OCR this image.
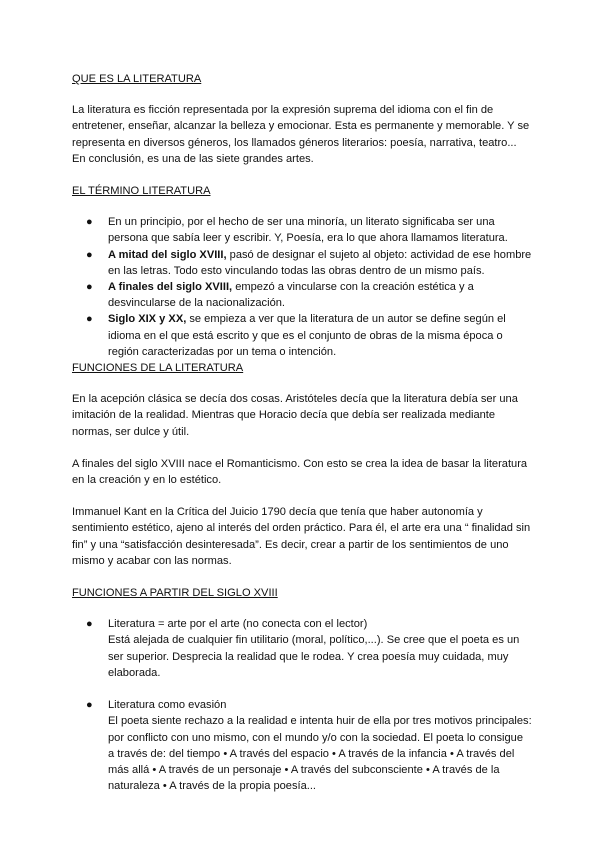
QUE ES LA LITERATURA

La literatura es ficción representada por la expresión suprema del idioma con el fin de entretener, enseñar, alcanzar la belleza y emocionar. Esta es permanente y memorable. Y se representa en diversos géneros, los llamados géneros literarios: poesía, narrativa, teatro... En conclusión, es una de las siete grandes artes.

EL TÉRMINO LITERATURA

● En un principio, por el hecho de ser una minoría, un literato significaba ser una persona que sabía leer y escribir. Y, Poesía, era lo que ahora llamamos literatura.
● A mitad del siglo XVIII, pasó de designar el sujeto al objeto: actividad de ese hombre en las letras. Todo esto vinculando todas las obras dentro de un mismo país.
● A finales del siglo XVIII, empezó a vincularse con la creación estética y a desvincularse de la nacionalización.
● Siglo XIX y XX, se empieza a ver que la literatura de un autor se define según el idioma en el que está escrito y que es el conjunto de obras de la misma época o región caracterizadas por un tema o intención.

FUNCIONES DE LA LITERATURA

En la acepción clásica se decía dos cosas. Aristóteles decía que la literatura debía ser una imitación de la realidad. Mientras que Horacio decía que debía ser realizada mediante normas, ser dulce y útil.

A finales del siglo XVIII nace el Romanticismo. Con esto se crea la idea de basar la literatura en la creación y en lo estético.

Immanuel Kant en la Crítica del Juicio 1790 decía que tenía que haber autonomía y sentimiento estético, ajeno al interés del orden práctico. Para él, el arte era una “ finalidad sin fin” y una “satisfacción desinteresada”. Es decir, crear a partir de los sentimientos de uno mismo y acabar con las normas.

FUNCIONES A PARTIR DEL SIGLO XVIII

● Literatura = arte por el arte (no conecta con el lector)

Está alejada de cualquier fin utilitario (moral, político,...). Se cree que el poeta es un ser superior. Desprecia la realidad que le rodea. Y crea poesía muy cuidada, muy elaborada.

● Literatura como evasión

El poeta siente rechazo a la realidad e intenta huir de ella por tres motivos principales: por conflicto con uno mismo, con el mundo y/o con la sociedad. El poeta lo consigue a través de: del tiempo • A través del espacio • A través de la infancia • A través del más allá • A través de un personaje • A través del subconsciente • A través de la naturaleza • A través de la propia poesía...
